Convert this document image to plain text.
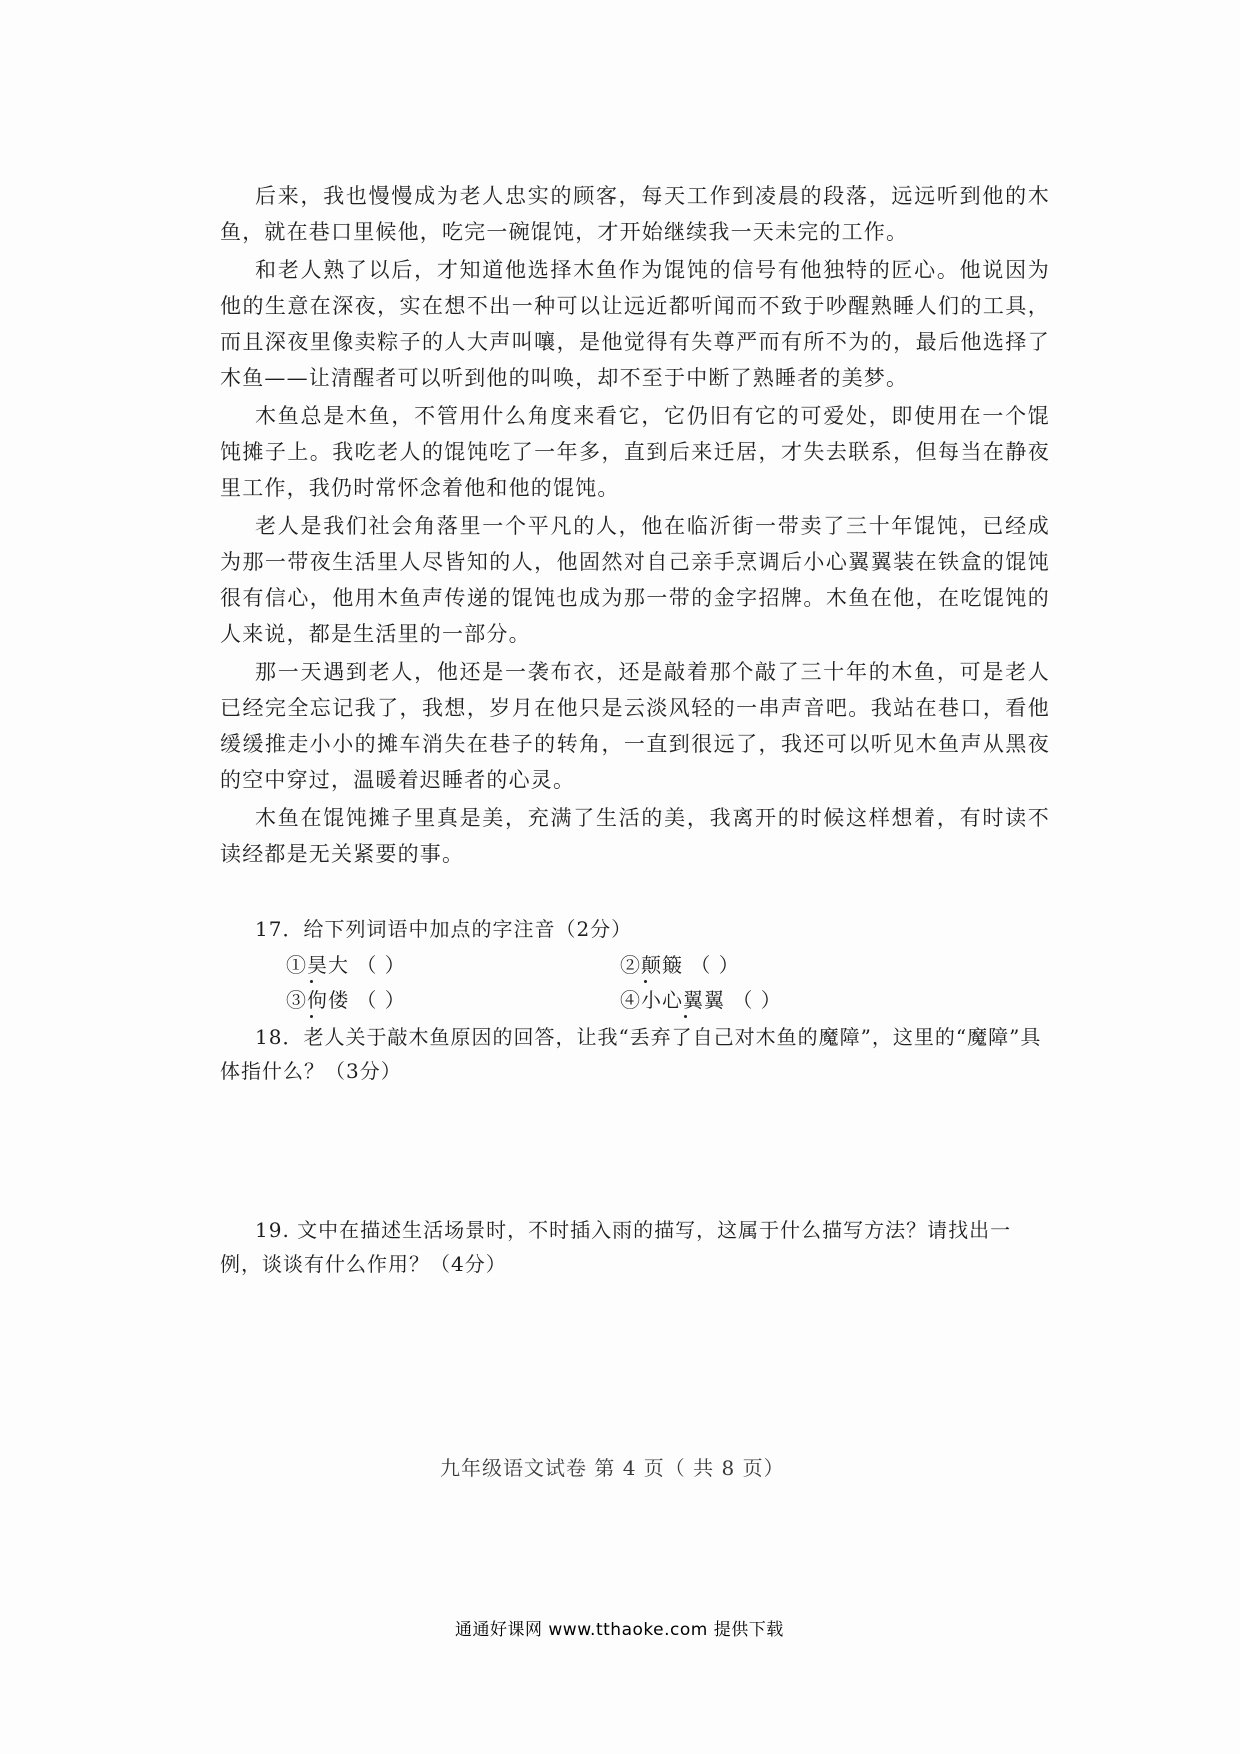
后来，我也慢慢成为老人忠实的顾客，每天工作到凌晨的段落，远远听到他的木鱼，就在巷口里候他，吃完一碗馄饨，才开始继续我一天未完的工作。

和老人熟了以后，才知道他选择木鱼作为馄饨的信号有他独特的匠心。他说因为他的生意在深夜，实在想不出一种可以让远近都听闻而不致于吵醒熟睡人们的工具，而且深夜里像卖粽子的人大声叫嚷，是他觉得有失尊严而有所不为的，最后他选择了木鱼——让清醒者可以听到他的叫唤，却不至于中断了熟睡者的美梦。

木鱼总是木鱼，不管用什么角度来看它，它仍旧有它的可爱处，即使用在一个馄饨摊子上。我吃老人的馄饨吃了一年多，直到后来迁居，才失去联系，但每当在静夜里工作，我仍时常怀念着他和他的馄饨。

老人是我们社会角落里一个平凡的人，他在临沂街一带卖了三十年馄饨，已经成为那一带夜生活里人尽皆知的人，他固然对自己亲手烹调后小心翼翼装在铁盒的馄饨很有信心，他用木鱼声传递的馄饨也成为那一带的金字招牌。木鱼在他，在吃馄饨的人来说，都是生活里的一部分。

那一天遇到老人，他还是一袭布衣，还是敲着那个敲了三十年的木鱼，可是老人已经完全忘记我了，我想，岁月在他只是云淡风轻的一串声音吧。我站在巷口，看他缓缓推走小小的摊车消失在巷子的转角，一直到很远了，我还可以听见木鱼声从黑夜的空中穿过，温暖着迟睡者的心灵。

木鱼在馄饨摊子里真是美，充满了生活的美，我离开的时候这样想着，有时读不读经都是无关紧要的事。

17．给下列词语中加点的字注音（2分）
①昊大 （ ）	②颠簸 （ ）
③佝偻 （ ）	④小心翼翼 （ ）
18．老人关于敲木鱼原因的回答，让我“丢弃了自己对木鱼的魔障”，这里的“魔障”具体指什么？（3分）
19. 文中在描述生活场景时，不时插入雨的描写，这属于什么描写方法？请找出一例，谈谈有什么作用？（4分）
九年级语文试卷 第 4 页（ 共 8 页）
通通好课网 www.tthaoke.com 提供下载
